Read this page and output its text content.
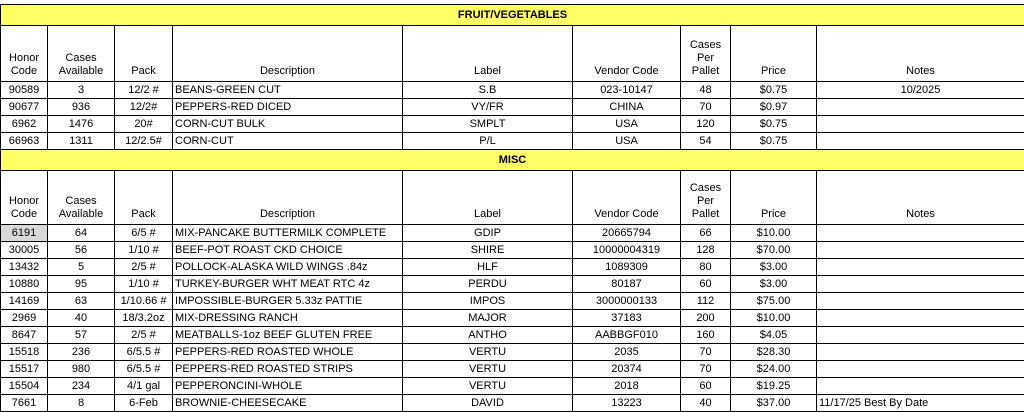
FRUIT/VEGETABLES								
Honor Code	Cases Available	Pack	Description	Label	Vendor Code	Cases Per Pallet	Price	Notes
90589	3	12/2 #	BEANS-GREEN CUT	S.B	023-10147	48	$0.75	10/2025
90677	936	12/2#	PEPPERS-RED DICED	VY/FR	CHINA	70	$0.97	
6962	1476	20#	CORN-CUT BULK	SMPLT	USA	120	$0.75	
66963	1311	12/2.5#	CORN-CUT	P/L	USA	54	$0.75	
MISC								
Honor Code	Cases Available	Pack	Description	Label	Vendor Code	Cases Per Pallet	Price	Notes
6191	64	6/5 #	MIX-PANCAKE BUTTERMILK COMPLETE	GDIP	20665794	66	$10.00	
30005	56	1/10 #	BEEF-POT ROAST CKD CHOICE	SHIRE	10000004319	128	$70.00	
13432	5	2/5 #	POLLOCK-ALASKA WILD WINGS .84z	HLF	1089309	80	$3.00	
10880	95	1/10 #	TURKEY-BURGER WHT MEAT RTC 4z	PERDU	80187	60	$3.00	
14169	63	1/10.66 #	IMPOSSIBLE-BURGER 5.33z PATTIE	IMPOS	3000000133	112	$75.00	
2969	40	18/3.2oz	MIX-DRESSING RANCH	MAJOR	37183	200	$10.00	
8647	57	2/5 #	MEATBALLS-1oz BEEF GLUTEN FREE	ANTHO	AABBGF010	160	$4.05	
15518	236	6/5.5 #	PEPPERS-RED ROASTED WHOLE	VERTU	2035	70	$28.30	
15517	980	6/5.5 #	PEPPERS-RED ROASTED STRIPS	VERTU	20374	70	$24.00	
15504	234	4/1 gal	PEPPERONCINI-WHOLE	VERTU	2018	60	$19.25	
7661	8	6-Feb	BROWNIE-CHEESECAKE	DAVID	13223	40	$37.00	11/17/25 Best By Date
